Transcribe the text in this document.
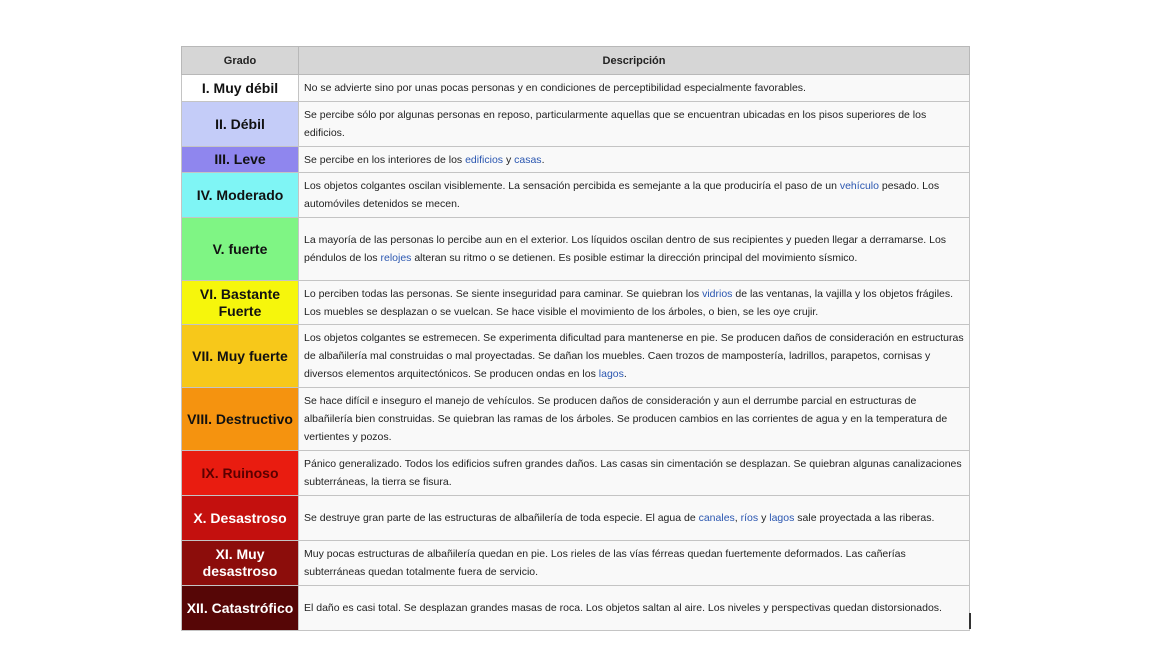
Grado	Descripción
I. Muy débil	No se advierte sino por unas pocas personas y en condiciones de perceptibilidad especialmente favorables.
II. Débil	Se percibe sólo por algunas personas en reposo, particularmente aquellas que se encuentran ubicadas en los pisos superiores de los edificios.
III. Leve	Se percibe en los interiores de los edificios y casas.
IV. Moderado	Los objetos colgantes oscilan visiblemente. La sensación percibida es semejante a la que produciría el paso de un vehículo pesado. Los automóviles detenidos se mecen.
V. fuerte	La mayoría de las personas lo percibe aun en el exterior. Los líquidos oscilan dentro de sus recipientes y pueden llegar a derramarse. Los péndulos de los relojes alteran su ritmo o se detienen. Es posible estimar la dirección principal del movimiento sísmico.
VI. Bastante Fuerte	Lo perciben todas las personas. Se siente inseguridad para caminar. Se quiebran los vidrios de las ventanas, la vajilla y los objetos frágiles. Los muebles se desplazan o se vuelcan. Se hace visible el movimiento de los árboles, o bien, se les oye crujir.
VII. Muy fuerte	Los objetos colgantes se estremecen. Se experimenta dificultad para mantenerse en pie. Se producen daños de consideración en estructuras de albañilería mal construidas o mal proyectadas. Se dañan los muebles. Caen trozos de mampostería, ladrillos, parapetos, cornisas y diversos elementos arquitectónicos. Se producen ondas en los lagos.
VIII. Destructivo	Se hace difícil e inseguro el manejo de vehículos. Se producen daños de consideración y aun el derrumbe parcial en estructuras de albañilería bien construidas. Se quiebran las ramas de los árboles. Se producen cambios en las corrientes de agua y en la temperatura de vertientes y pozos.
IX. Ruinoso	Pánico generalizado. Todos los edificios sufren grandes daños. Las casas sin cimentación se desplazan. Se quiebran algunas canalizaciones subterráneas, la tierra se fisura.
X. Desastroso	Se destruye gran parte de las estructuras de albañilería de toda especie. El agua de canales, ríos y lagos sale proyectada a las riberas.
XI. Muy desastroso	Muy pocas estructuras de albañilería quedan en pie. Los rieles de las vías férreas quedan fuertemente deformados. Las cañerías subterráneas quedan totalmente fuera de servicio.
XII. Catastrófico	El daño es casi total. Se desplazan grandes masas de roca. Los objetos saltan al aire. Los niveles y perspectivas quedan distorsionados.
